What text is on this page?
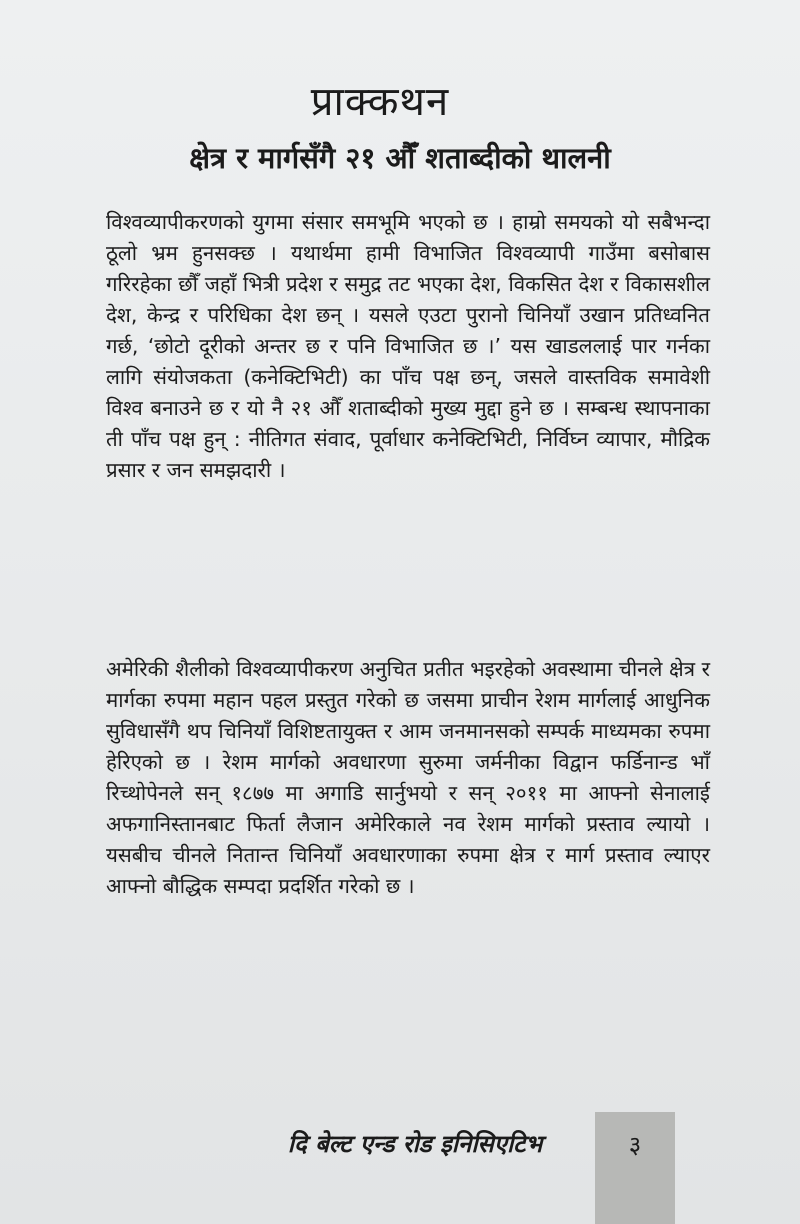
प्राक्कथन
क्षेत्र र मार्गसँगै २१ औँ शताब्दीको थालनी

विश्वव्यापीकरणको युगमा संसार समभूमि भएको छ । हाम्रो समयको यो सबैभन्दा ठूलो भ्रम हुनसक्छ । यथार्थमा हामी विभाजित विश्वव्यापी गाउँमा बसोबास गरिरहेका छौँ जहाँ भित्री प्रदेश र समुद्र तट भएका देश, विकसित देश र विकासशील देश, केन्द्र र परिधिका देश छन् । यसले एउटा पुरानो चिनियाँ उखान प्रतिध्वनित गर्छ, ‘छोटो दूरीको अन्तर छ र पनि विभाजित छ ।’ यस खाडललाई पार गर्नका लागि संयोजकता (कनेक्टिभिटी) का पाँच पक्ष छन्, जसले वास्तविक समावेशी विश्व बनाउने छ र यो नै २१ औँ शताब्दीको मुख्य मुद्दा हुने छ । सम्बन्ध स्थापनाका ती पाँच पक्ष हुन् : नीतिगत संवाद, पूर्वाधार कनेक्टिभिटी, निर्विघ्न व्यापार, मौद्रिक प्रसार र जन समझदारी ।

अमेरिकी शैलीको विश्वव्यापीकरण अनुचित प्रतीत भइरहेको अवस्थामा चीनले क्षेत्र र मार्गका रुपमा महान पहल प्रस्तुत गरेको छ जसमा प्राचीन रेशम मार्गलाई आधुनिक सुविधासँगै थप चिनियाँ विशिष्टतायुक्त र आम जनमानसको सम्पर्क माध्यमका रुपमा हेरिएको छ । रेशम मार्गको अवधारणा सुरुमा जर्मनीका विद्वान फर्डिनान्ड भाँ रिच्थोपेनले सन् १८७७ मा अगाडि सार्नुभयो र सन् २०११ मा आफ्नो सेनालाई अफगानिस्तानबाट फिर्ता लैजान अमेरिकाले नव रेशम मार्गको प्रस्ताव ल्यायो । यसबीच चीनले नितान्त चिनियाँ अवधारणाका रुपमा क्षेत्र र मार्ग प्रस्ताव ल्याएर आफ्नो बौद्धिक सम्पदा प्रदर्शित गरेको छ ।

दि बेल्ट एन्ड रोड इनिसिएटिभ	३
